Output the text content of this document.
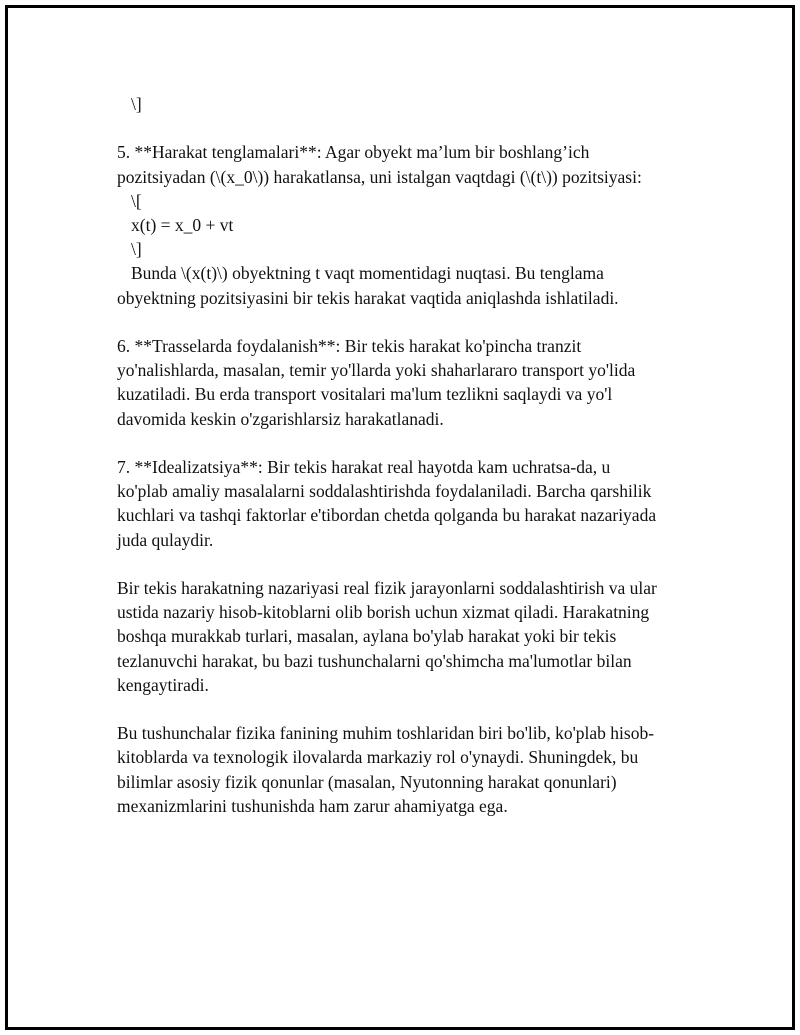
\]
5. **Harakat tenglamalari**: Agar obyekt ma’lum bir boshlang’ich
pozitsiyadan (\(x_0\)) harakatlansa, uni istalgan vaqtdagi (\(t\)) pozitsiyasi:
\[
x(t) = x_0 + vt
\]
Bunda \(x(t)\) obyektning t vaqt momentidagi nuqtasi. Bu tenglama
obyektning pozitsiyasini bir tekis harakat vaqtida aniqlashda ishlatiladi.
6. **Trasselarda foydalanish**: Bir tekis harakat ko'pincha tranzit
yo'nalishlarda, masalan, temir yo'llarda yoki shaharlararo transport yo'lida
kuzatiladi. Bu erda transport vositalari ma'lum tezlikni saqlaydi va yo'l
davomida keskin o'zgarishlarsiz harakatlanadi.
7. **Idealizatsiya**: Bir tekis harakat real hayotda kam uchratsa-da, u
ko'plab amaliy masalalarni soddalashtirishda foydalaniladi. Barcha qarshilik
kuchlari va tashqi faktorlar e'tibordan chetda qolganda bu harakat nazariyada
juda qulaydir.
Bir tekis harakatning nazariyasi real fizik jarayonlarni soddalashtirish va ular
ustida nazariy hisob-kitoblarni olib borish uchun xizmat qiladi. Harakatning
boshqa murakkab turlari, masalan, aylana bo'ylab harakat yoki bir tekis
tezlanuvchi harakat, bu bazi tushunchalarni qo'shimcha ma'lumotlar bilan
kengaytiradi.
Bu tushunchalar fizika fanining muhim toshlaridan biri bo'lib, ko'plab hisob-
kitoblarda va texnologik ilovalarda markaziy rol o'ynaydi. Shuningdek, bu
bilimlar asosiy fizik qonunlar (masalan, Nyutonning harakat qonunlari)
mexanizmlarini tushunishda ham zarur ahamiyatga ega.
